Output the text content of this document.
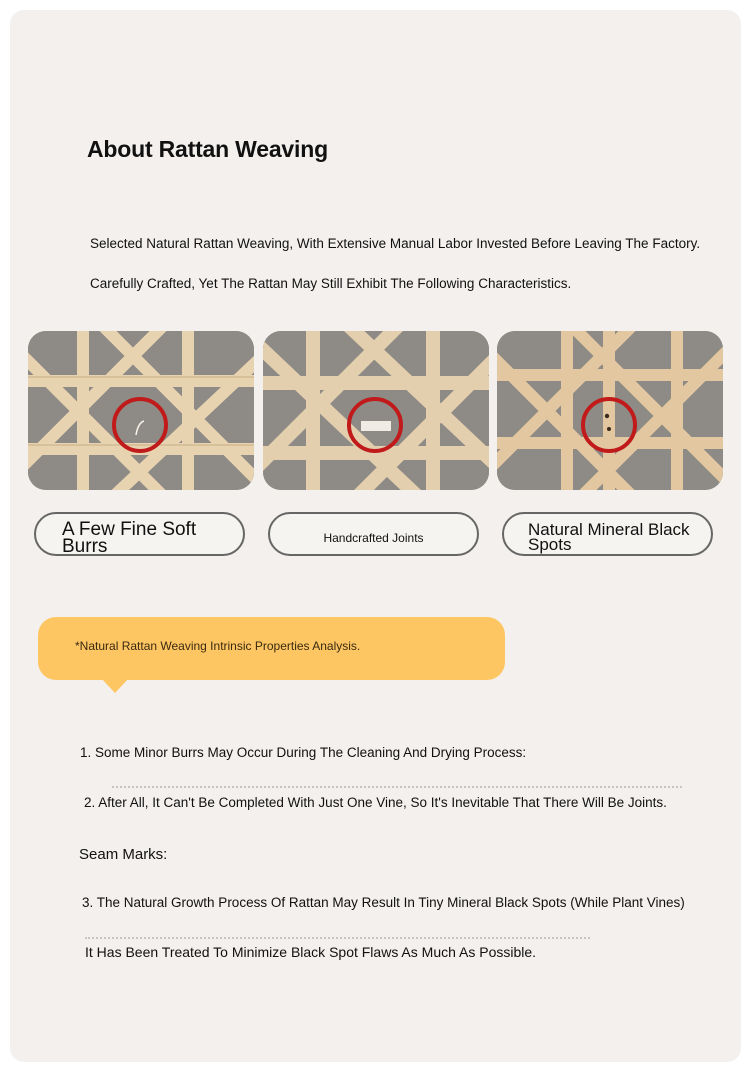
About Rattan Weaving
Selected Natural Rattan Weaving, With Extensive Manual Labor Invested Before Leaving The Factory.
Carefully Crafted, Yet The Rattan May Still Exhibit The Following Characteristics.
A Few Fine Soft Burrs	Handcrafted Joints	Natural Mineral Black Spots
*Natural Rattan Weaving Intrinsic Properties Analysis.
1. Some Minor Burrs May Occur During The Cleaning And Drying Process:
2. After All, It Can't Be Completed With Just One Vine, So It's Inevitable That There Will Be Joints.
Seam Marks:
3. The Natural Growth Process Of Rattan May Result In Tiny Mineral Black Spots (While Plant Vines)
It Has Been Treated To Minimize Black Spot Flaws As Much As Possible.
